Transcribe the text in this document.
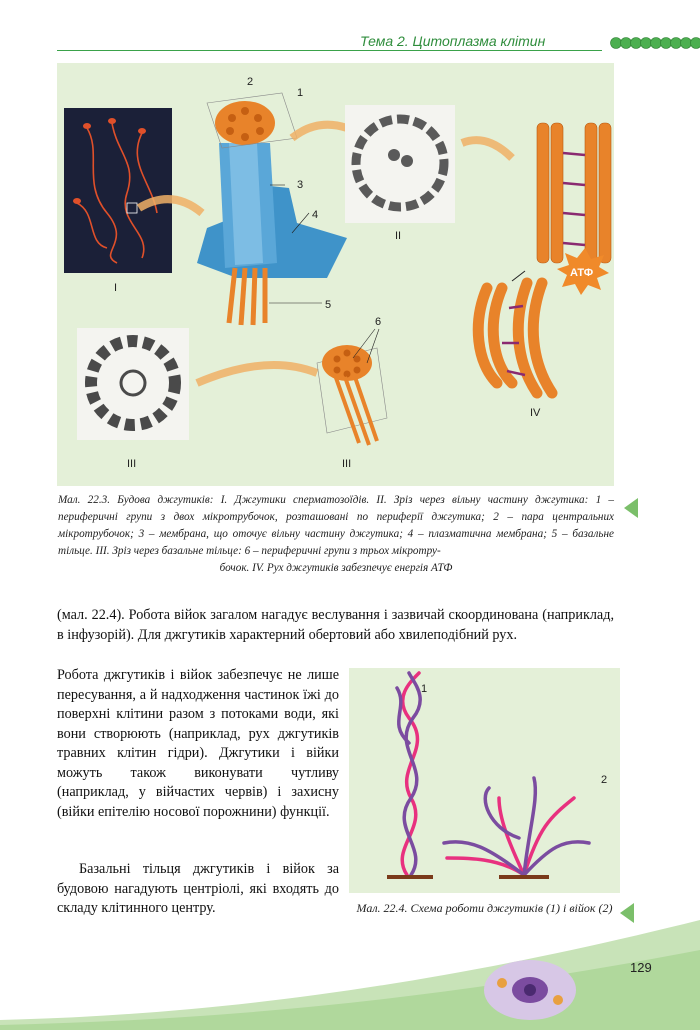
Тема 2. Цитоплазма клітин
I
2
1
3
4
5
II
АТФ
IV
III
6
III
Мал. 22.3. Будова джгутиків: I. Джгутики сперматозоїдів. II. Зріз через вільну частину джгутика: 1 – периферичні групи з двох мікротрубочок, розташовані по периферії джгутика; 2 – пара центральних мікротрубочок; 3 – мембрана, що оточує вільну частину джгутика; 4 – плазматична мембрана; 5 – базальне тільце. III. Зріз через базальне тільце: 6 – периферичні групи з трьох мікротру-
бочок. IV. Рух джгутиків забезпечує енергія АТФ
(мал. 22.4). Робота війок загалом нагадує веслування і зазвичай скоординована (наприклад, в інфузорій). Для джгутиків характерний обертовий або хвилеподібний рух.
Робота джгутиків і війок забезпечує не лише пересування, а й надходження частинок їжі до поверхні клітини разом з потоками води, які вони створюють (наприклад, рух джгутиків травних клітин гідри). Джгутики і війки можуть також виконувати чутливу (наприклад, у війчастих червів) і захисну (війки епітелію носової порожнини) функції.
Базальні тільця джгутиків і війок за будовою нагадують центріолі, які входять до складу клітинного центру.
1
2
Мал. 22.4. Схема роботи джгутиків (1) і війок (2)
129
